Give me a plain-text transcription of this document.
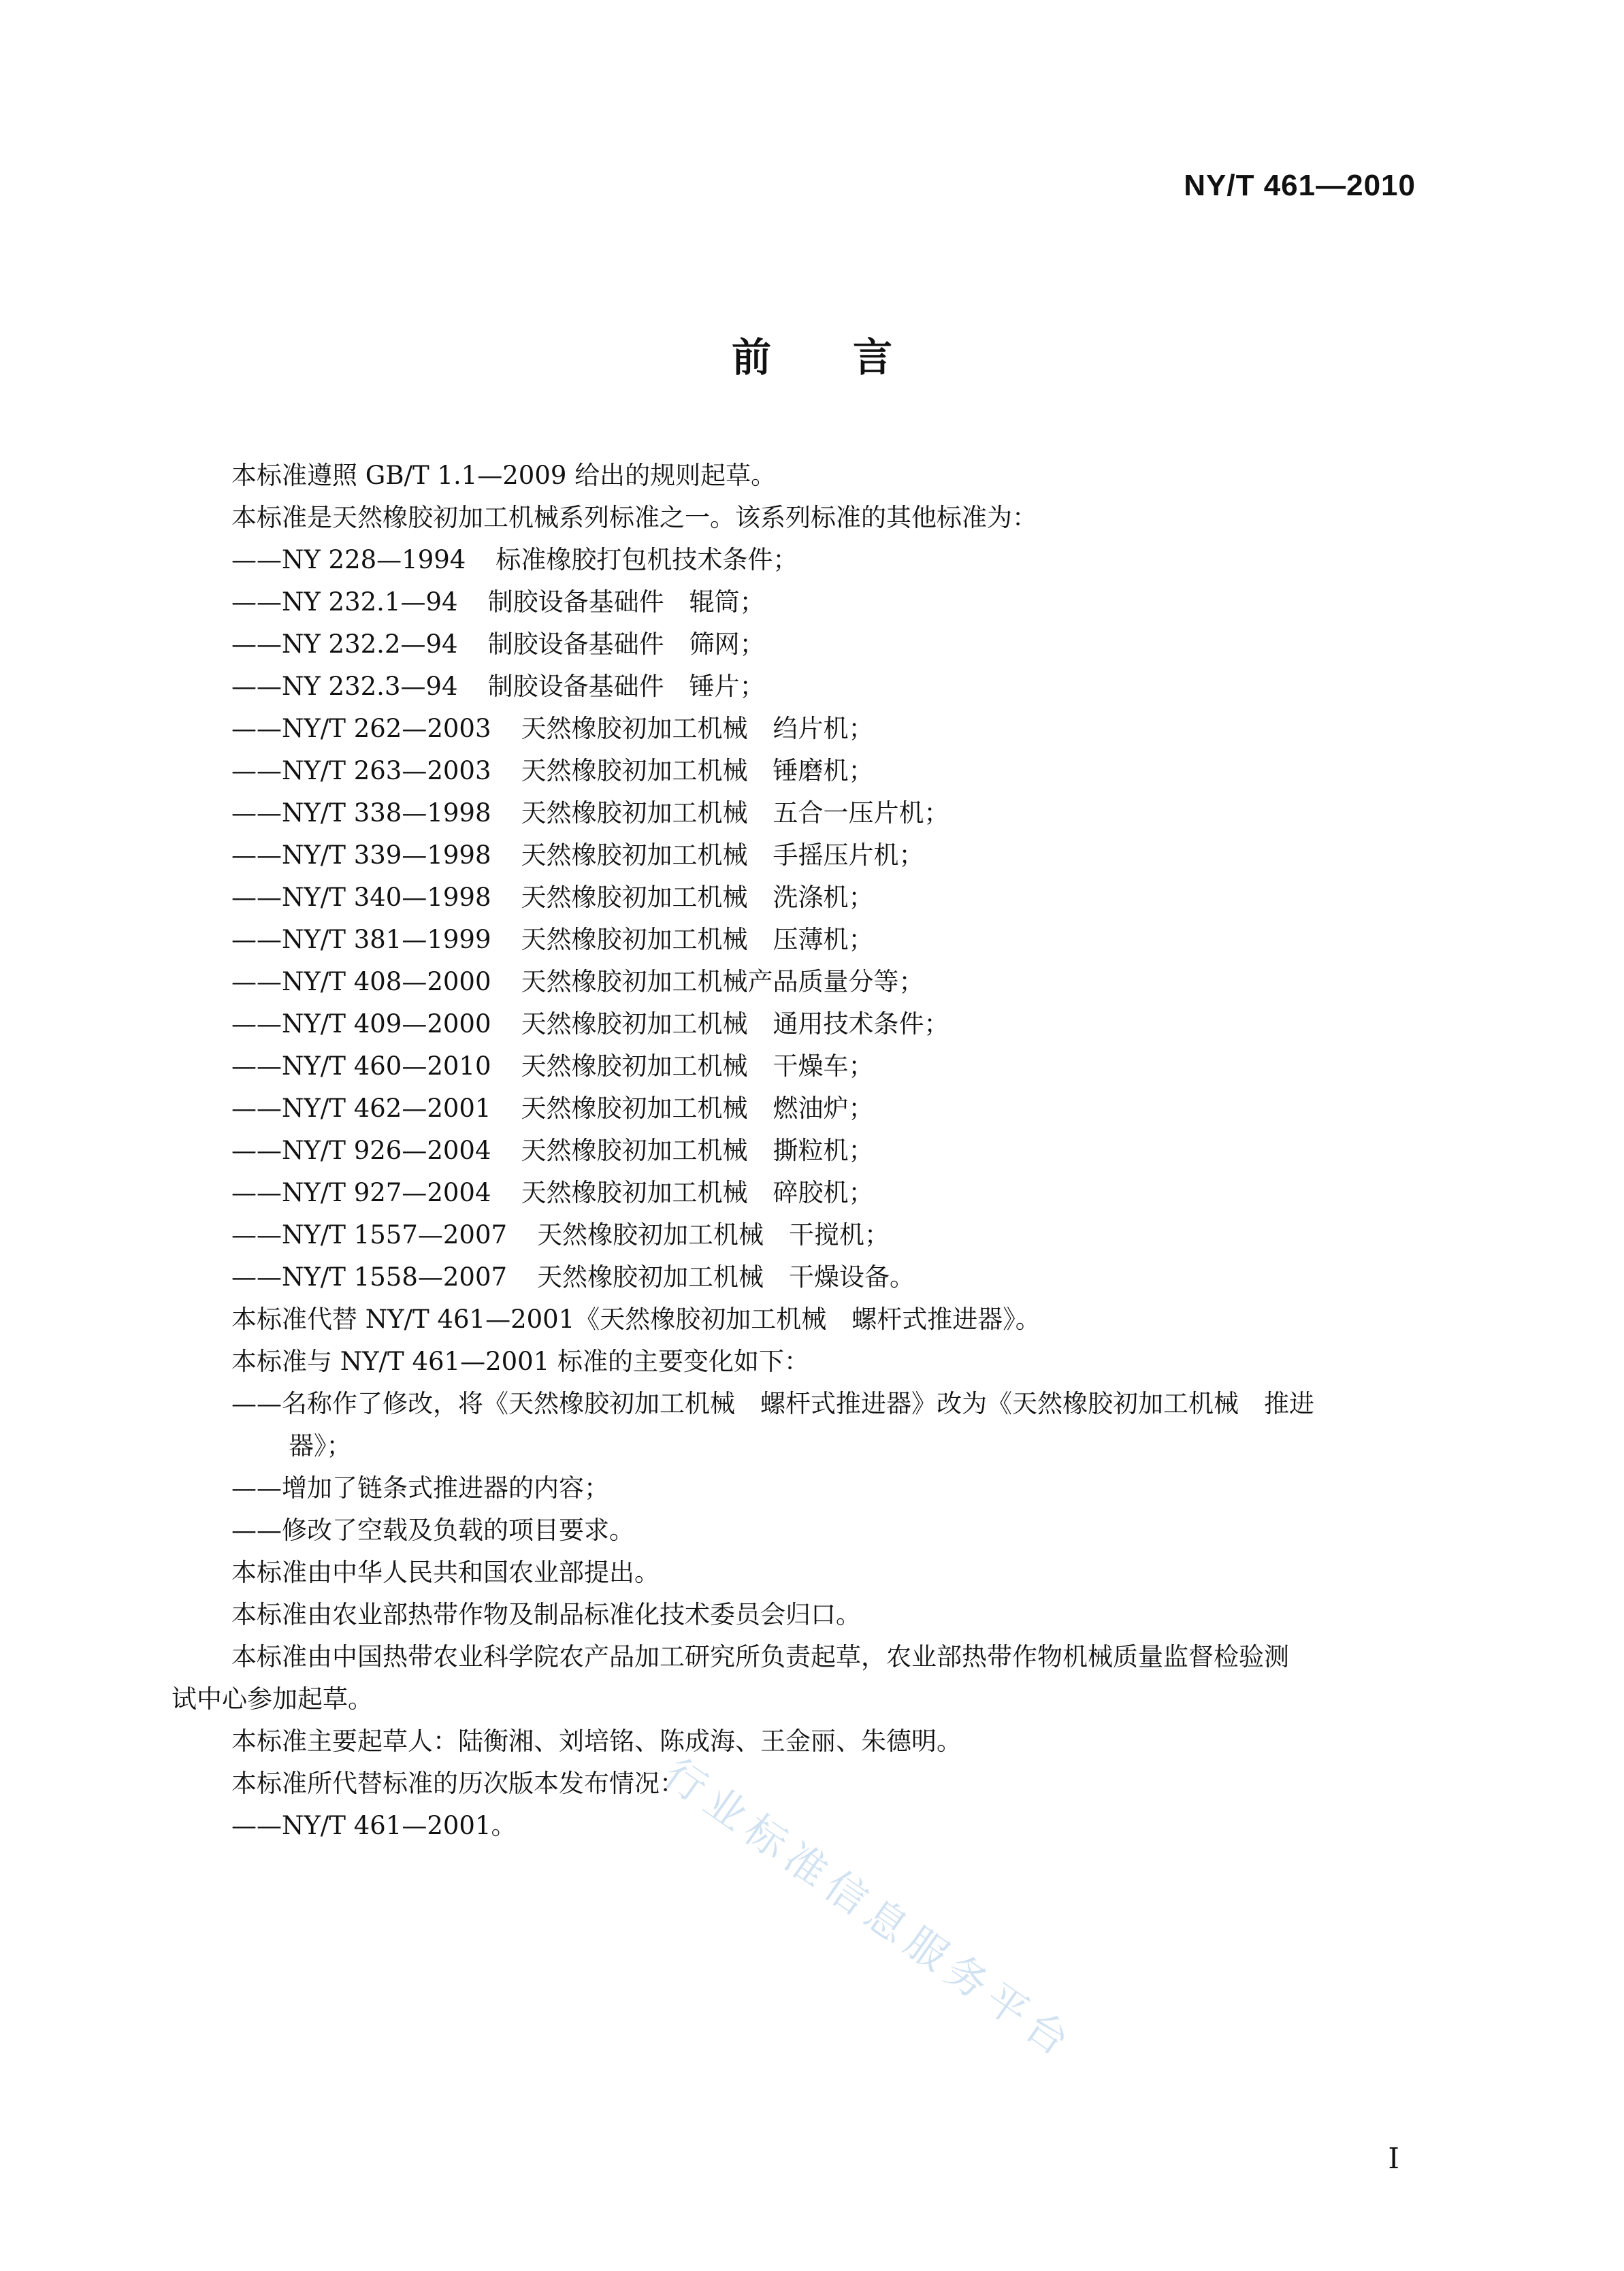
NY/T 461—2010
前 言
本标准遵照 GB/T 1.1—2009 给出的规则起草。
本标准是天然橡胶初加工机械系列标准之一。该系列标准的其他标准为：
——NY 228—1994 标准橡胶打包机技术条件；
——NY 232.1—94 制胶设备基础件　辊筒；
——NY 232.2—94 制胶设备基础件　筛网；
——NY 232.3—94 制胶设备基础件　锤片；
——NY/T 262—2003 天然橡胶初加工机械　绉片机；
——NY/T 263—2003 天然橡胶初加工机械　锤磨机；
——NY/T 338—1998 天然橡胶初加工机械　五合一压片机；
——NY/T 339—1998 天然橡胶初加工机械　手摇压片机；
——NY/T 340—1998 天然橡胶初加工机械　洗涤机；
——NY/T 381—1999 天然橡胶初加工机械　压薄机；
——NY/T 408—2000 天然橡胶初加工机械产品质量分等；
——NY/T 409—2000 天然橡胶初加工机械　通用技术条件；
——NY/T 460—2010 天然橡胶初加工机械　干燥车；
——NY/T 462—2001 天然橡胶初加工机械　燃油炉；
——NY/T 926—2004 天然橡胶初加工机械　撕粒机；
——NY/T 927—2004 天然橡胶初加工机械　碎胶机；
——NY/T 1557—2007 天然橡胶初加工机械　干搅机；
——NY/T 1558—2007 天然橡胶初加工机械　干燥设备。
本标准代替 NY/T 461—2001《天然橡胶初加工机械　螺杆式推进器》。
本标准与 NY/T 461—2001 标准的主要变化如下：
——名称作了修改，将《天然橡胶初加工机械　螺杆式推进器》改为《天然橡胶初加工机械　推进
器》；
——增加了链条式推进器的内容；
——修改了空载及负载的项目要求。
本标准由中华人民共和国农业部提出。
本标准由农业部热带作物及制品标准化技术委员会归口。
本标准由中国热带农业科学院农产品加工研究所负责起草，农业部热带作物机械质量监督检验测
试中心参加起草。
本标准主要起草人：陆衡湘、刘培铭、陈成海、王金丽、朱德明。
本标准所代替标准的历次版本发布情况：
——NY/T 461—2001。	行业标准信息服务平台
I
